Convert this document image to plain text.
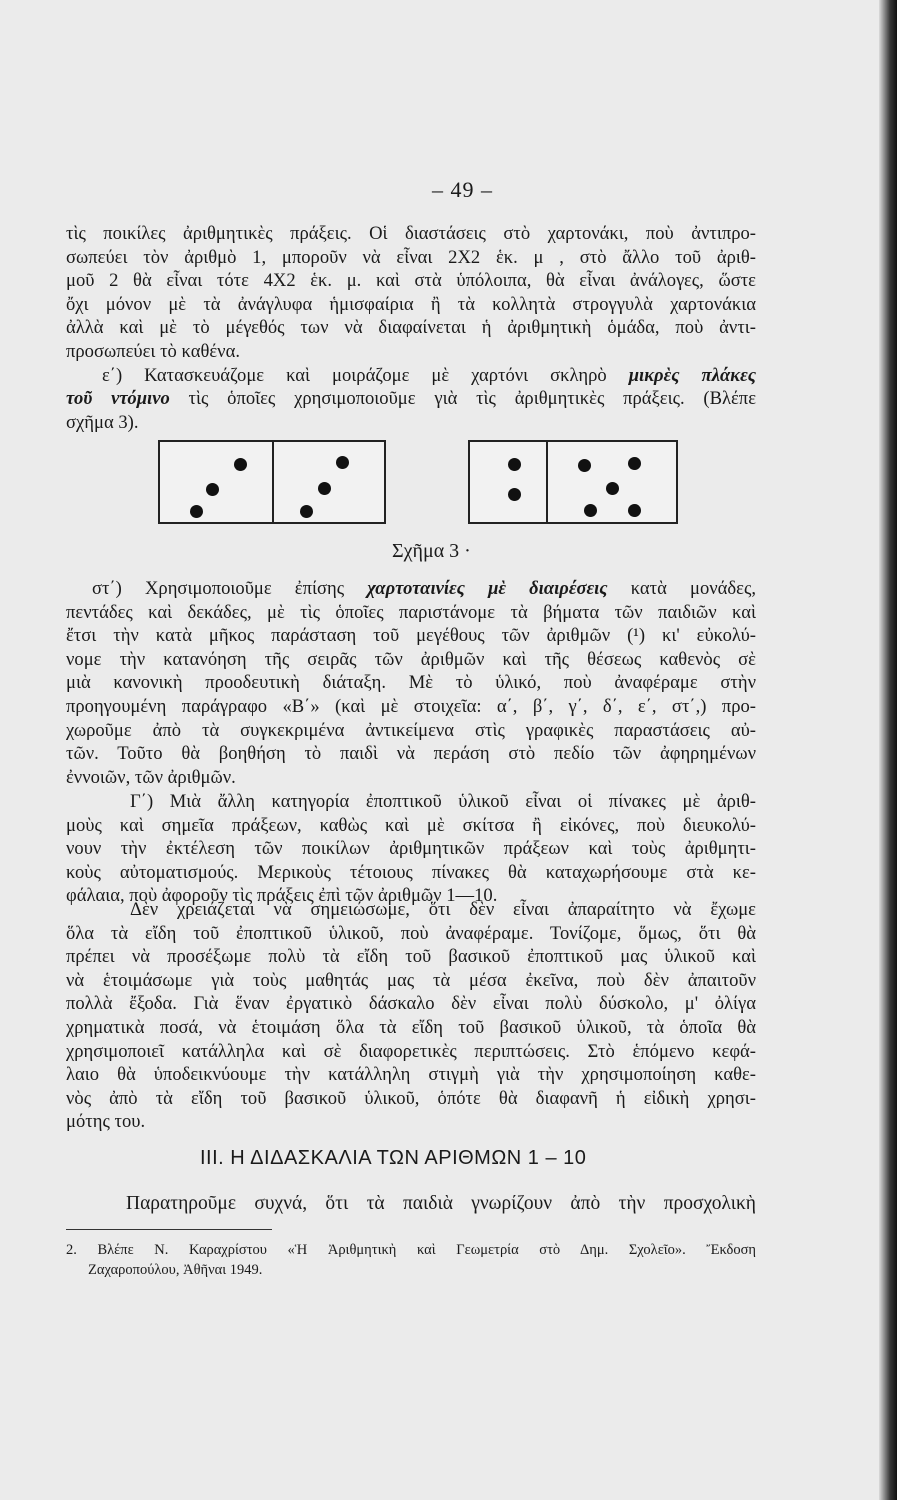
– 49 –
τὶς ποικίλες ἀριθμητικὲς πράξεις. Οἱ διαστάσεις στὸ χαρτονάκι, ποὺ ἀντιπρο-
σωπεύει τὸν ἀριθμὸ 1, μποροῦν νὰ εἶναι 2X2 ἑκ. μ , στὸ ἄλλο τοῦ ἀριθ-
μοῦ 2 θὰ εἶναι τότε 4X2 ἑκ. μ. καὶ στὰ ὑπόλοιπα, θὰ εἶναι ἀνάλογες, ὥστε
ὄχι μόνον μὲ τὰ ἀνάγλυφα ἡμισφαίρια ἢ τὰ κολλητὰ στρογγυλὰ χαρτονάκια
ἀλλὰ καὶ μὲ τὸ μέγεθός των νὰ διαφαίνεται ἡ ἀριθμητικὴ ὁμάδα, ποὺ ἀντι-
προσωπεύει τὸ καθένα.
ε΄) Κατασκευάζομε καὶ μοιράζομε μὲ χαρτόνι σκληρὸ μικρὲς πλάκες
τοῦ ντόμινο τὶς ὁποῖες χρησιμοποιοῦμε γιὰ τὶς ἀριθμητικὲς πράξεις. (Βλέπε
σχῆμα 3).
Σχῆμα 3 ·
στ΄) Χρησιμοποιοῦμε ἐπίσης χαρτοταινίες μὲ διαιρέσεις κατὰ μονάδες,
πεντάδες καὶ δεκάδες, μὲ τὶς ὁποῖες παριστάνομε τὰ βήματα τῶν παιδιῶν καὶ
ἔτσι τὴν κατὰ μῆκος παράσταση τοῦ μεγέθους τῶν ἀριθμῶν (¹) κι' εὐκολύ-
νομε τὴν κατανόηση τῆς σειρᾶς τῶν ἀριθμῶν καὶ τῆς θέσεως καθενὸς σὲ
μιὰ κανονικὴ προοδευτικὴ διάταξη. Μὲ τὸ ὑλικό, ποὺ ἀναφέραμε στὴν
προηγουμένη παράγραφο «Β΄» (καὶ μὲ στοιχεῖα: α΄, β΄, γ΄, δ΄, ε΄, στ΄,) προ-
χωροῦμε ἀπὸ τὰ συγκεκριμένα ἀντικείμενα στὶς γραφικὲς παραστάσεις αὐ-
τῶν. Τοῦτο θὰ βοηθήση τὸ παιδὶ νὰ περάση στὸ πεδίο τῶν ἀφηρημένων
ἐννοιῶν, τῶν ἀριθμῶν.
Γ΄) Μιὰ ἄλλη κατηγορία ἐποπτικοῦ ὑλικοῦ εἶναι οἱ πίνακες μὲ ἀριθ-
μοὺς καὶ σημεῖα πράξεων, καθὼς καὶ μὲ σκίτσα ἢ εἰκόνες, ποὺ διευκολύ-
νουν τὴν ἐκτέλεση τῶν ποικίλων ἀριθμητικῶν πράξεων καὶ τοὺς ἀριθμητι-
κοὺς αὐτοματισμούς. Μερικοὺς τέτοιους πίνακες θὰ καταχωρήσουμε στὰ κε-
φάλαια, ποὺ ἀφοροῦν τὶς πράξεις ἐπὶ τῶν ἀριθμῶν 1—10.
Δὲν χρειάζεται νὰ σημειώσωμε, ὅτι δὲν εἶναι ἀπαραίτητο νὰ ἔχωμε
ὅλα τὰ εἴδη τοῦ ἐποπτικοῦ ὑλικοῦ, ποὺ ἀναφέραμε. Τονίζομε, ὅμως, ὅτι θὰ
πρέπει νὰ προσέξωμε πολὺ τὰ εἴδη τοῦ βασικοῦ ἐποπτικοῦ μας ὑλικοῦ καὶ
νὰ ἑτοιμάσωμε γιὰ τοὺς μαθητάς μας τὰ μέσα ἐκεῖνα, ποὺ δὲν ἀπαιτοῦν
πολλὰ ἔξοδα. Γιὰ ἕναν ἐργατικὸ δάσκαλο δὲν εἶναι πολὺ δύσκολο, μ' ὀλίγα
χρηματικὰ ποσά, νὰ ἑτοιμάση ὅλα τὰ εἴδη τοῦ βασικοῦ ὑλικοῦ, τὰ ὁποῖα θὰ
χρησιμοποιεῖ κατάλληλα καὶ σὲ διαφορετικὲς περιπτώσεις. Στὸ ἑπόμενο κεφά-
λαιο θὰ ὑποδεικνύουμε τὴν κατάλληλη στιγμὴ γιὰ τὴν χρησιμοποίηση καθε-
νὸς ἀπὸ τὰ εἴδη τοῦ βασικοῦ ὑλικοῦ, ὁπότε θὰ διαφανῆ ἡ εἰδικὴ χρησι-
μότης του.
III. Η ΔΙΔΑΣΚΑΛΙΑ ΤΩΝ ΑΡΙΘΜΩΝ 1 – 10
Παρατηροῦμε συχνά, ὅτι τὰ παιδιὰ γνωρίζουν ἀπὸ τὴν προσχολικὴ
2. Βλέπε Ν. Καραχρίστου «Ἡ Ἀριθμητικὴ καὶ Γεωμετρία στὸ Δημ. Σχολεῖο». Ἔκδοση
Ζαχαροπούλου, Ἀθῆναι 1949.
